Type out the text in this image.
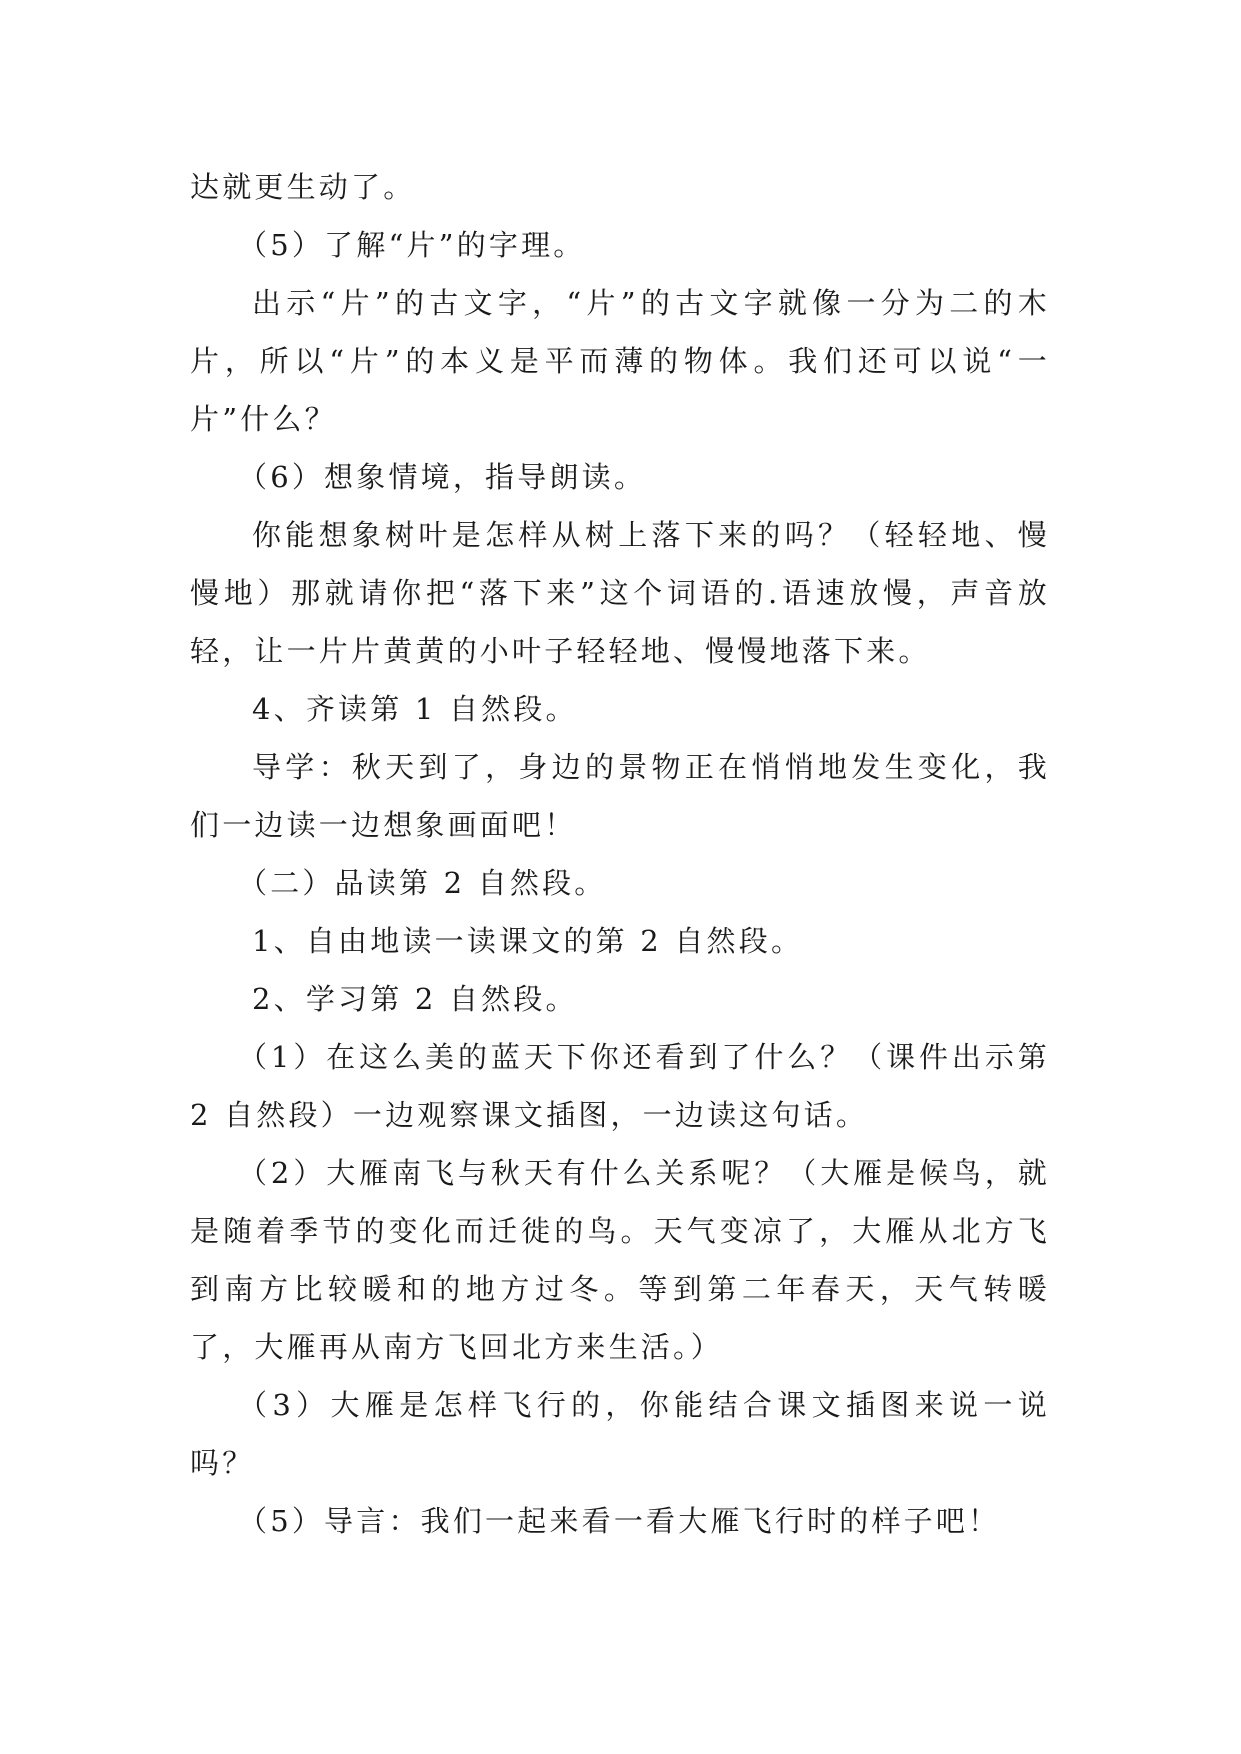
达就更生动了。

（5）了解“片”的字理。

出示“片”的古文字，“片”的古文字就像一分为二的木片，所以“片”的本义是平而薄的物体。我们还可以说“一片”什么？

（6）想象情境，指导朗读。

你能想象树叶是怎样从树上落下来的吗？（轻轻地、慢慢地）那就请你把“落下来”这个词语的.语速放慢，声音放轻，让一片片黄黄的小叶子轻轻地、慢慢地落下来。

4、齐读第 1 自然段。

导学：秋天到了，身边的景物正在悄悄地发生变化，我们一边读一边想象画面吧！

（二）品读第 2 自然段。

1、自由地读一读课文的第 2 自然段。

2、学习第 2 自然段。

（1）在这么美的蓝天下你还看到了什么？（课件出示第 2 自然段）一边观察课文插图，一边读这句话。

（2）大雁南飞与秋天有什么关系呢？（大雁是候鸟，就是随着季节的变化而迁徙的鸟。天气变凉了，大雁从北方飞到南方比较暖和的地方过冬。等到第二年春天，天气转暖了，大雁再从南方飞回北方来生活。）

（3）大雁是怎样飞行的，你能结合课文插图来说一说吗？

（5）导言：我们一起来看一看大雁飞行时的样子吧！
